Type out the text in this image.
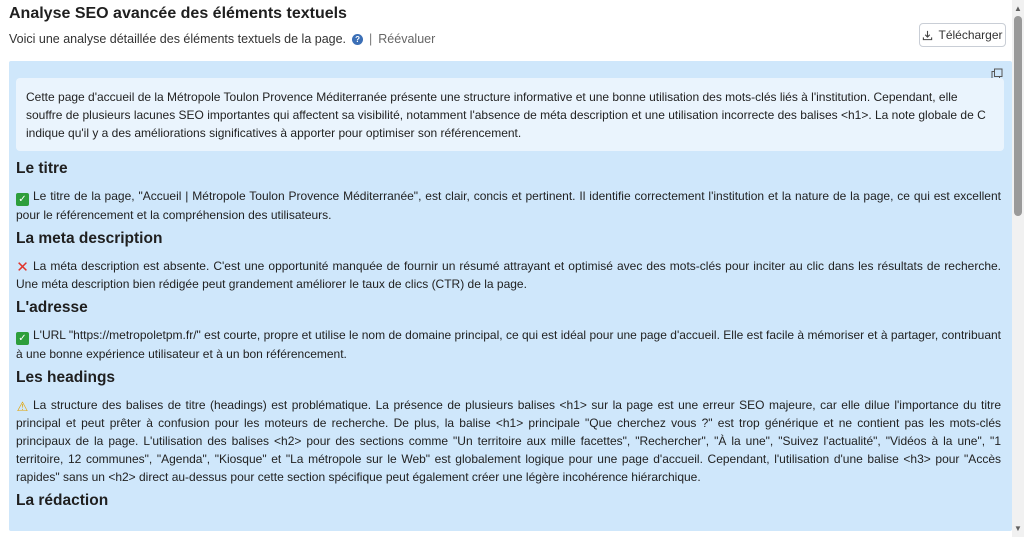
Analyse SEO avancée des éléments textuels
Voici une analyse détaillée des éléments textuels de la page.	? | Réévaluer	Télécharger
Cette page d'accueil de la Métropole Toulon Provence Méditerranée présente une structure informative et une bonne utilisation des mots-clés liés à l'institution. Cependant, elle souffre de plusieurs lacunes SEO importantes qui affectent sa visibilité, notamment l'absence de méta description et une utilisation incorrecte des balises <h1>. La note globale de C indique qu'il y a des améliorations significatives à apporter pour optimiser son référencement.
Le titre
✓ Le titre de la page, "Accueil | Métropole Toulon Provence Méditerranée", est clair, concis et pertinent. Il identifie correctement l'institution et la nature de la page, ce qui est excellent pour le référencement et la compréhension des utilisateurs.
La meta description
✕ La méta description est absente. C'est une opportunité manquée de fournir un résumé attrayant et optimisé avec des mots-clés pour inciter au clic dans les résultats de recherche. Une méta description bien rédigée peut grandement améliorer le taux de clics (CTR) de la page.
L'adresse
✓ L'URL "https://metropoletpm.fr/" est courte, propre et utilise le nom de domaine principal, ce qui est idéal pour une page d'accueil. Elle est facile à mémoriser et à partager, contribuant à une bonne expérience utilisateur et à un bon référencement.
Les headings
⚠ La structure des balises de titre (headings) est problématique. La présence de plusieurs balises <h1> sur la page est une erreur SEO majeure, car elle dilue l'importance du titre principal et peut prêter à confusion pour les moteurs de recherche. De plus, la balise <h1> principale "Que cherchez vous ?" est trop générique et ne contient pas les mots-clés principaux de la page. L'utilisation des balises <h2> pour des sections comme "Un territoire aux mille facettes", "Rechercher", "À la une", "Suivez l'actualité", "Vidéos à la une", "1 territoire, 12 communes", "Agenda", "Kiosque" et "La métropole sur le Web" est globalement logique pour une page d'accueil. Cependant, l'utilisation d'une balise <h3> pour "Accès rapides" sans un <h2> direct au-dessus pour cette section spécifique peut également créer une légère incohérence hiérarchique.
La rédaction
▲
▼
